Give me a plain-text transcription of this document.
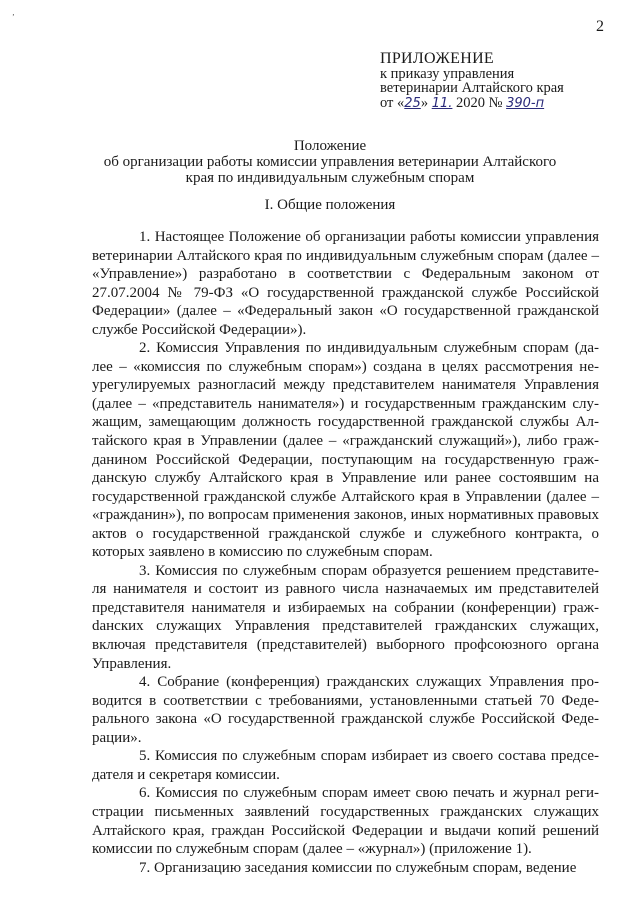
‚
2
ПРИЛОЖЕНИЕ
к приказу управления
ветеринарии Алтайского края
от «25» 11. 2020 № 390-п
Положение
об организации работы комиссии управления ветеринарии Алтайского
края по индивидуальным служебным спорам
I. Общие положения

1. Настоящее Положение об организации работы комиссии управления ветеринарии Алтайского края по индивидуальным служебным спорам (далее – «Управление») разработано в соответствии с Федеральным законом от 27.07.2004 № 79-ФЗ «О государственной гражданской службе Российской Федерации» (далее – «Федеральный закон «О государственной гражданской службе Российской Федерации»).

2. Комиссия Управления по индивидуальным служебным спорам (далее – «комиссия по служебным спорам») создана в целях рассмотрения неурегулируемых разногласий между представителем нанимателя Управления (далее – «представитель нанимателя») и государственным гражданским служащим, замещающим должность государственной гражданской службы Алтайского края в Управлении (далее – «гражданский служащий»), либо гражданином Российской Федерации, поступающим на государственную гражданскую службу Алтайского края в Управление или ранее состоявшим на государственной гражданской службе Алтайского края в Управлении (далее – «гражданин»), по вопросам применения законов, иных нормативных правовых актов о государственной гражданской службе и служебного контракта, о которых заявлено в комиссию по служебным спорам.

3. Комиссия по служебным спорам образуется решением представителя нанимателя и состоит из равного числа назначаемых им представителей представителя нанимателя и избираемых на собрании (конференции) гражdанских служащих Управления представителей гражданских служащих, включая представителя (представителей) выборного профсоюзного органа Управления.

4. Собрание (конференция) гражданских служащих Управления проводится в соответствии с требованиями, установленными статьей 70 Федерального закона «О государственной гражданской службе Российской Федерации».

5. Комиссия по служебным спорам избирает из своего состава председателя и секретаря комиссии.

6. Комиссия по служебным спорам имеет свою печать и журнал регистрации письменных заявлений государственных гражданских служащих Алтайского края, граждан Российской Федерации и выдачи копий решений комиссии по служебным спорам (далее – «журнал») (приложение 1).

7. Организацию заседания комиссии по служебным спорам, ведение
